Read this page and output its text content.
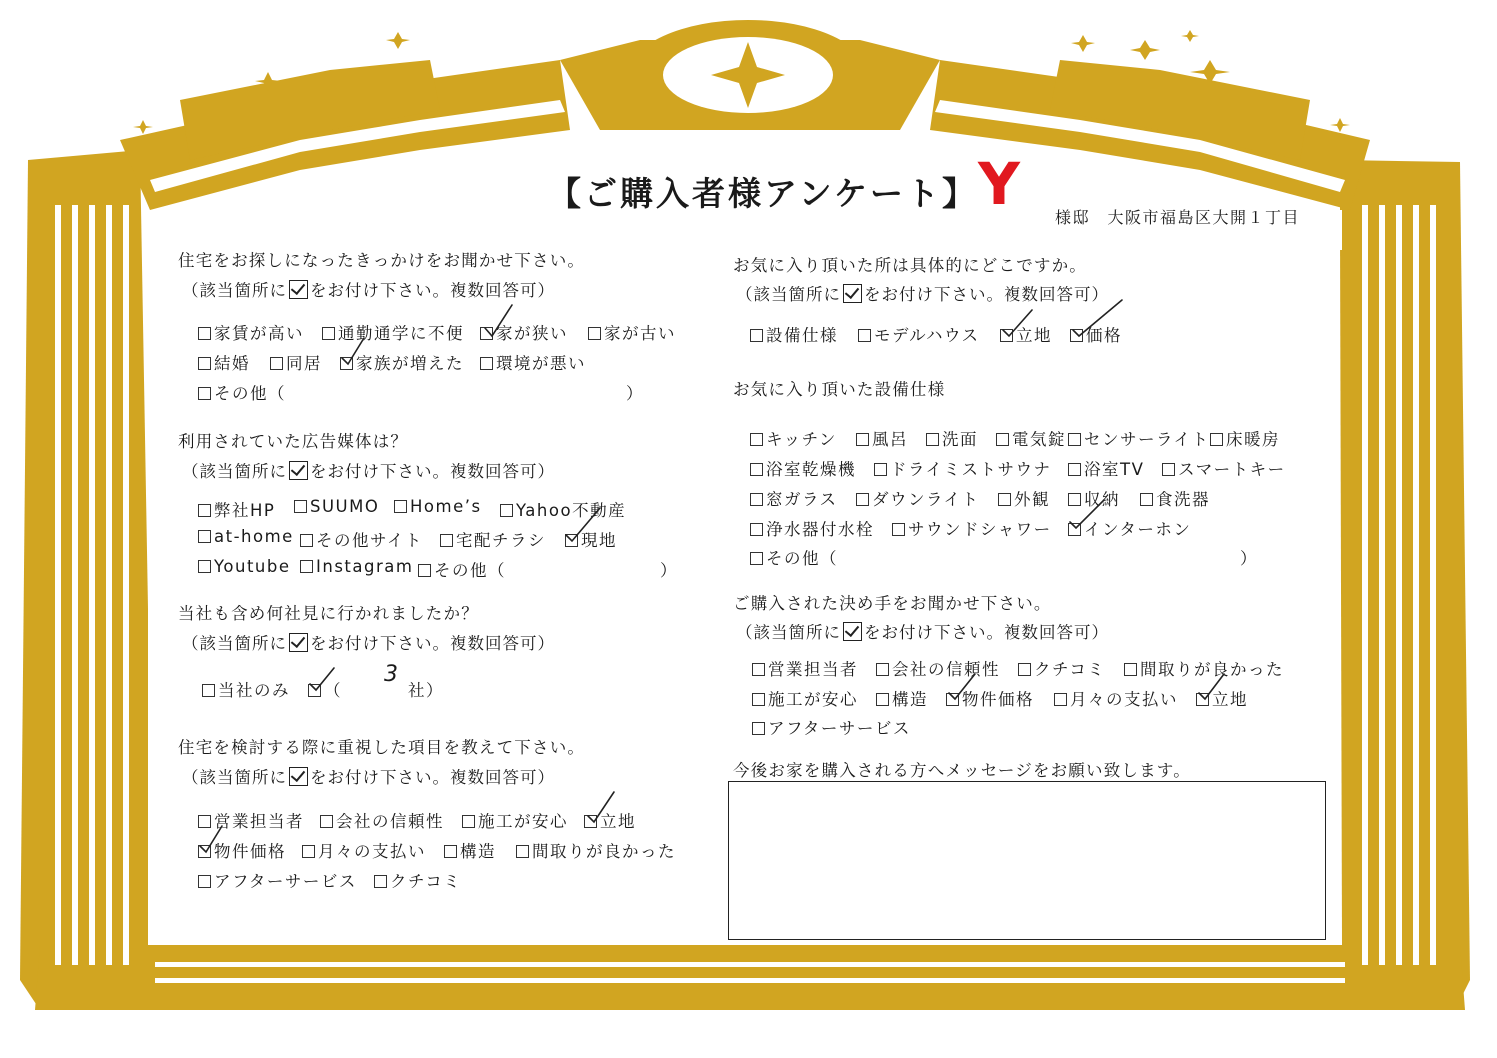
【ご購入者様アンケート】 Y 様邸　大阪市福島区大開１丁目
住宅をお探しになったきっかけをお聞かせ下さい。
（該当箇所に をお付け下さい。複数回答可）
家賃が高い	通勤通学に不便	家が狭い	家が古い
結婚	同居	家族が増えた	環境が悪い
その他（	）
利用されていた広告媒体は？
（該当箇所に をお付け下さい。複数回答可）
弊社HP	SUUMO	Home’s	Yahoo不動産
at-home	その他サイト	宅配チラシ	現地
Youtube	Instagram	その他（	）
当社も含め何社見に行かれましたか？
（該当箇所に をお付け下さい。複数回答可）
当社のみ	（
3
社）
住宅を検討する際に重視した項目を教えて下さい。
（該当箇所に をお付け下さい。複数回答可）
営業担当者	会社の信頼性	施工が安心	立地
物件価格	月々の支払い	構造	間取りが良かった
アフターサービス	クチコミ
お気に入り頂いた所は具体的にどこですか。
（該当箇所に をお付け下さい。複数回答可）
設備仕様	モデルハウス	立地	価格
お気に入り頂いた設備仕様
キッチン	風呂	洗面	電気錠	センサーライト 床暖房
浴室乾燥機	ドライミストサウナ	浴室TV	スマートキー
窓ガラス	ダウンライト	外観	収納	食洗器
浄水器付水栓	サウンドシャワー	インターホン
その他（	）
ご購入された決め手をお聞かせ下さい。
（該当箇所に をお付け下さい。複数回答可）
営業担当者	会社の信頼性	クチコミ	間取りが良かった
施工が安心	構造	物件価格	月々の支払い	立地
アフターサービス
今後お家を購入される方へメッセージをお願い致します。
